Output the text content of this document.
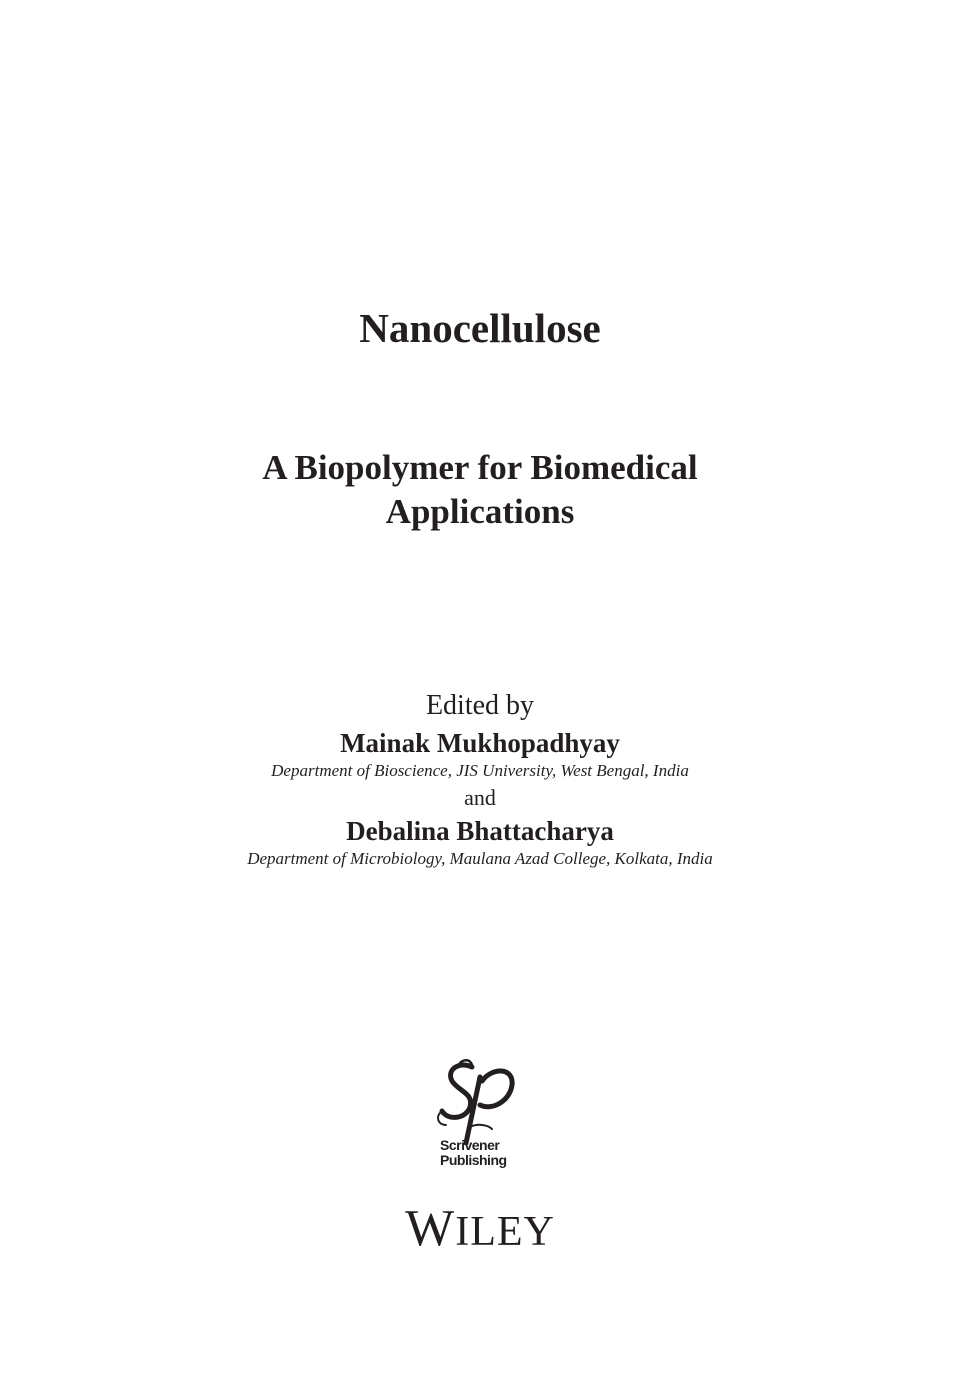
Nanocellulose
A Biopolymer for Biomedical
Applications
Edited by
Mainak Mukhopadhyay
Department of Bioscience, JIS University, West Bengal, India
and
Debalina Bhattacharya
Department of Microbiology, Maulana Azad College, Kolkata, India
Scrivener
Publishing
WILEY
